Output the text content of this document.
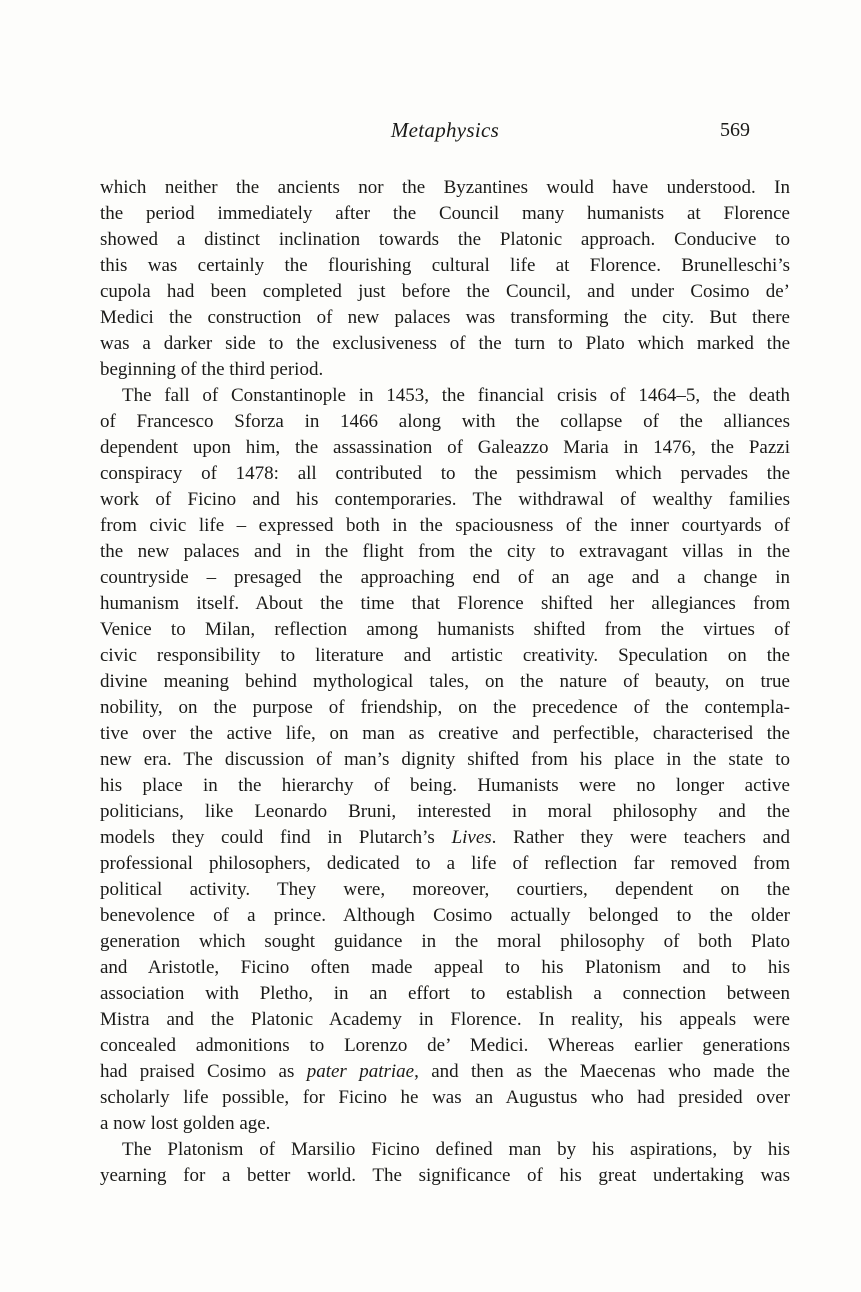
Metaphysics	569
which neither the ancients nor the Byzantines would have understood. In
the period immediately after the Council many humanists at Florence
showed a distinct inclination towards the Platonic approach. Conducive to
this was certainly the flourishing cultural life at Florence. Brunelleschi’s
cupola had been completed just before the Council, and under Cosimo de’
Medici the construction of new palaces was transforming the city. But there
was a darker side to the exclusiveness of the turn to Plato which marked the
beginning of the third period.
The fall of Constantinople in 1453, the financial crisis of 1464–5, the death
of Francesco Sforza in 1466 along with the collapse of the alliances
dependent upon him, the assassination of Galeazzo Maria in 1476, the Pazzi
conspiracy of 1478: all contributed to the pessimism which pervades the
work of Ficino and his contemporaries. The withdrawal of wealthy families
from civic life – expressed both in the spaciousness of the inner courtyards of
the new palaces and in the flight from the city to extravagant villas in the
countryside – presaged the approaching end of an age and a change in
humanism itself. About the time that Florence shifted her allegiances from
Venice to Milan, reflection among humanists shifted from the virtues of
civic responsibility to literature and artistic creativity. Speculation on the
divine meaning behind mythological tales, on the nature of beauty, on true
nobility, on the purpose of friendship, on the precedence of the contempla-
tive over the active life, on man as creative and perfectible, characterised the
new era. The discussion of man’s dignity shifted from his place in the state to
his place in the hierarchy of being. Humanists were no longer active
politicians, like Leonardo Bruni, interested in moral philosophy and the
models they could find in Plutarch’s Lives. Rather they were teachers and
professional philosophers, dedicated to a life of reflection far removed from
political activity. They were, moreover, courtiers, dependent on the
benevolence of a prince. Although Cosimo actually belonged to the older
generation which sought guidance in the moral philosophy of both Plato
and Aristotle, Ficino often made appeal to his Platonism and to his
association with Pletho, in an effort to establish a connection between
Mistra and the Platonic Academy in Florence. In reality, his appeals were
concealed admonitions to Lorenzo de’ Medici. Whereas earlier generations
had praised Cosimo as pater patriae, and then as the Maecenas who made the
scholarly life possible, for Ficino he was an Augustus who had presided over
a now lost golden age.
The Platonism of Marsilio Ficino defined man by his aspirations, by his
yearning for a better world. The significance of his great undertaking was
